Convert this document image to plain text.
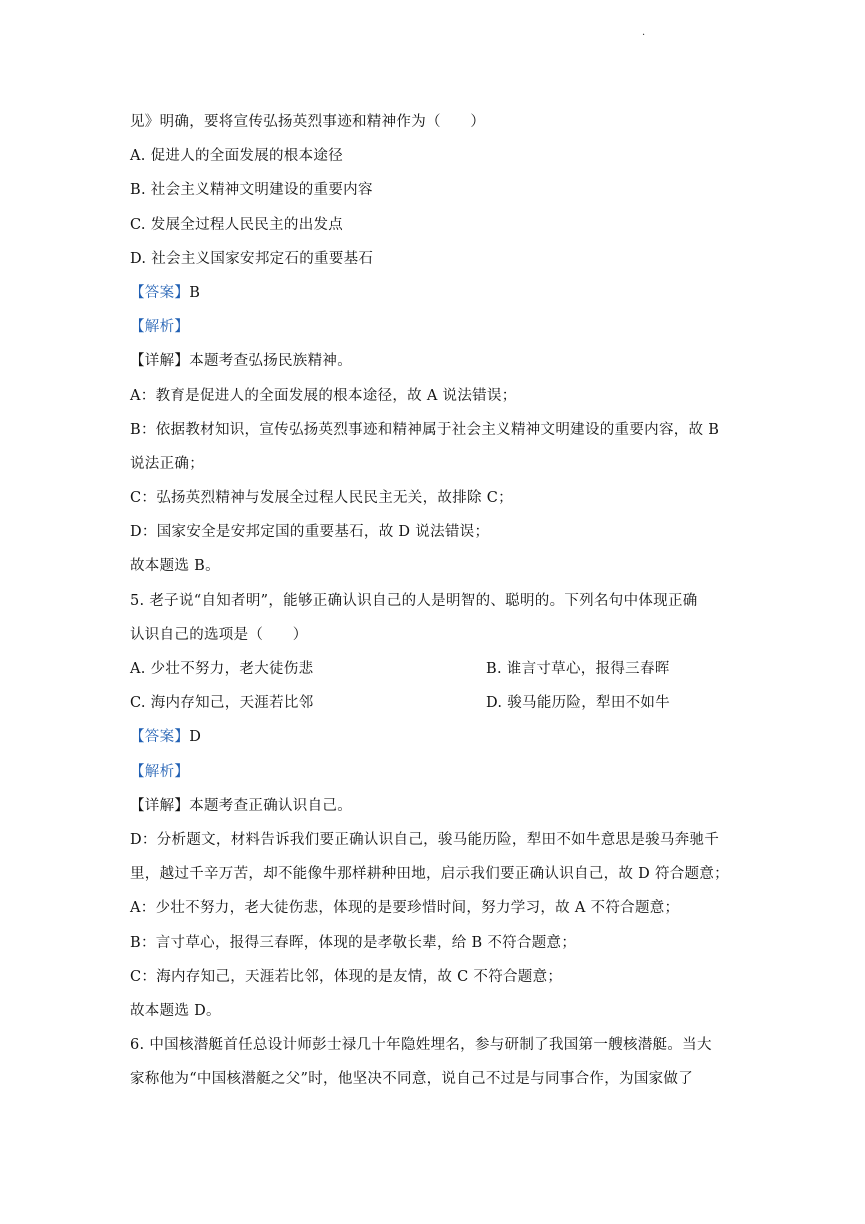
·
见》明确，要将宣传弘扬英烈事迹和精神作为（　　）
A. 促进人的全面发展的根本途径
B. 社会主义精神文明建设的重要内容
C. 发展全过程人民民主的出发点
D. 社会主义国家安邦定石的重要基石
【答案】B
【解析】
【详解】本题考查弘扬民族精神。
A：教育是促进人的全面发展的根本途径，故 A 说法错误；
B：依据教材知识，宣传弘扬英烈事迹和精神属于社会主义精神文明建设的重要内容，故 B
说法正确；
C：弘扬英烈精神与发展全过程人民民主无关，故排除 C；
D：国家安全是安邦定国的重要基石，故 D 说法错误；
故本题选 B。
5. 老子说“自知者明”，能够正确认识自己的人是明智的、聪明的。下列名句中体现正确
认识自己的选项是（　　）
A. 少壮不努力，老大徒伤悲	B. 谁言寸草心，报得三春晖
C. 海内存知己，天涯若比邻	D. 骏马能历险，犁田不如牛
【答案】D
【解析】
【详解】本题考查正确认识自己。
D：分析题文，材料告诉我们要正确认识自己，骏马能历险，犁田不如牛意思是骏马奔驰千
里，越过千辛万苦，却不能像牛那样耕种田地，启示我们要正确认识自己，故 D 符合题意；
A：少壮不努力，老大徒伤悲，体现的是要珍惜时间，努力学习，故 A 不符合题意；
B：言寸草心，报得三春晖，体现的是孝敬长辈，给 B 不符合题意；
C：海内存知己，天涯若比邻，体现的是友情，故 C 不符合题意；
故本题选 D。
6. 中国核潜艇首任总设计师彭士禄几十年隐姓埋名，参与研制了我国第一艘核潜艇。当大
家称他为“中国核潜艇之父”时，他坚决不同意，说自己不过是与同事合作，为国家做了
